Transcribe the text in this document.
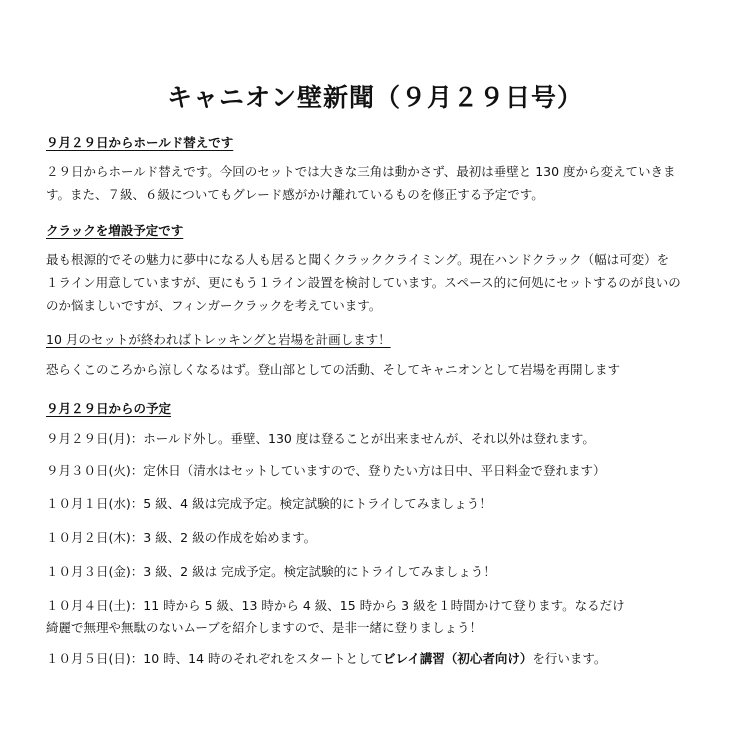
キャニオン壁新聞（９月２９日号）
９月２９日からホールド替えです
２９日からホールド替えです。今回のセットでは大きな三角は動かさず、最初は垂壁と 130 度から変えていきま
す。また、７級、６級についてもグレード感がかけ離れているものを修正する予定です。
クラックを増設予定です
最も根源的でその魅力に夢中になる人も居ると聞くクラッククライミング。現在ハンドクラック（幅は可変）を
１ライン用意していますが、更にもう１ライン設置を検討しています。スペース的に何処にセットするのが良いの
のか悩ましいですが、フィンガークラックを考えています。
10 月のセットが終わればトレッキングと岩場を計画します！
恐らくこのころから涼しくなるはず。登山部としての活動、そしてキャニオンとして岩場を再開します
９月２９日からの予定
９月２９日(月)：ホールド外し。垂壁、130 度は登ることが出来ませんが、それ以外は登れます。
９月３０日(火)：定休日（清水はセットしていますので、登りたい方は日中、平日料金で登れます）
１０月１日(水)：5 級、4 級は完成予定。検定試験的にトライしてみましょう！
１０月２日(木)：3 級、2 級の作成を始めます。
１０月３日(金)：3 級、2 級は 完成予定。検定試験的にトライしてみましょう！
１０月４日(土)：11 時から 5 級、13 時から 4 級、15 時から 3 級を１時間かけて登ります。なるだけ
綺麗で無理や無駄のないムーブを紹介しますので、是非一緒に登りましょう！
１０月５日(日)：10 時、14 時のそれぞれをスタートとしてビレイ講習（初心者向け）を行います。
